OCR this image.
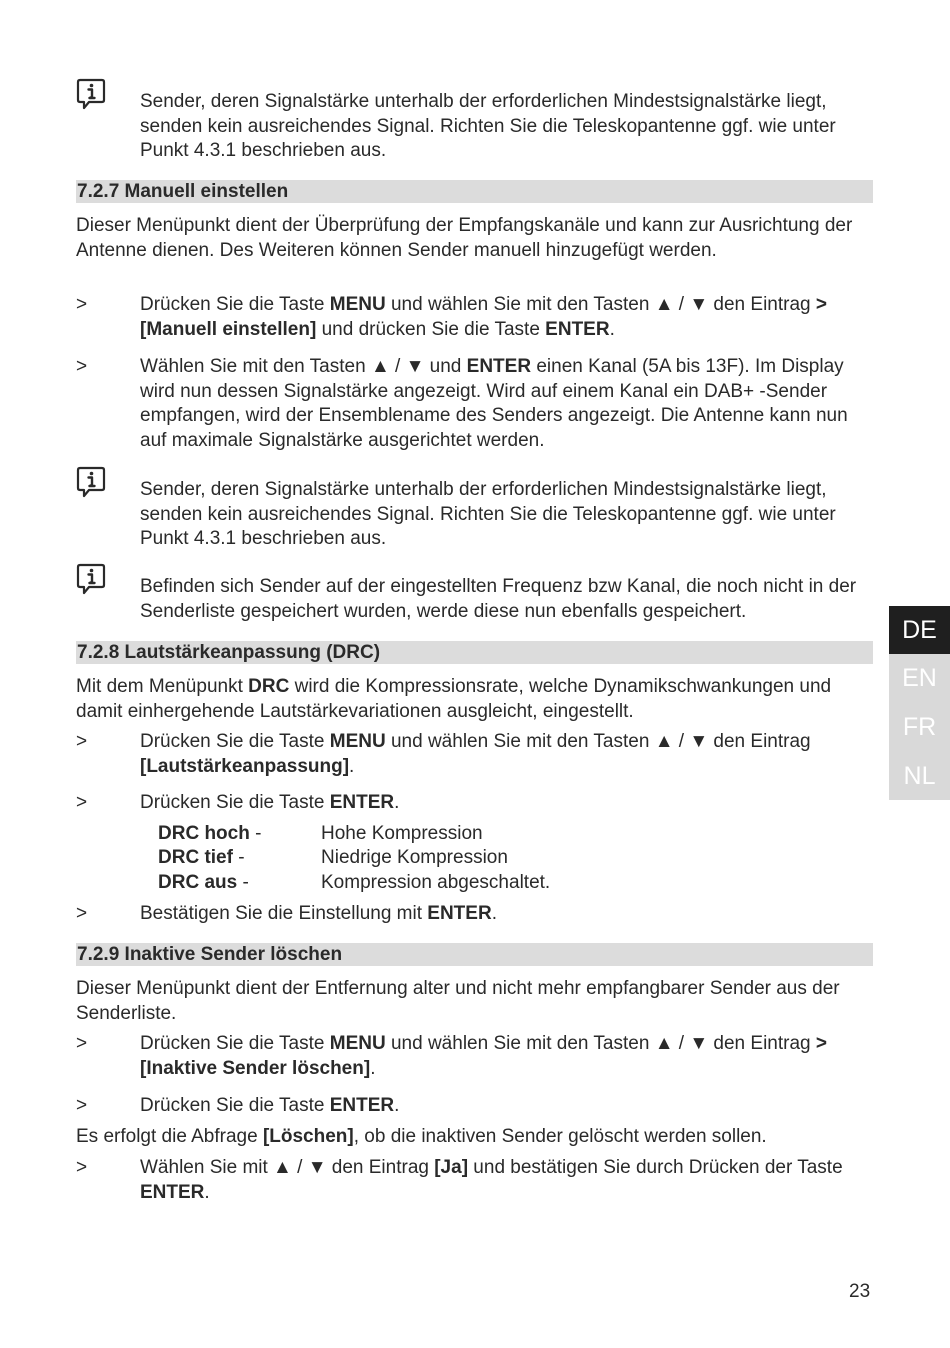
Sender, deren Signalstärke unterhalb der erforderlichen Mindestsignalstärke liegt, senden kein ausreichendes Signal. Richten Sie die Teleskopantenne ggf. wie unter Punkt 4.3.1 beschrieben aus.
7.2.7 Manuell einstellen
Dieser Menüpunkt dient der Überprüfung der Empfangskanäle und kann zur Ausrichtung der Antenne dienen. Des Weiteren können Sender manuell hinzugefügt werden.
>	Drücken Sie die Taste MENU und wählen Sie mit den Tasten ▲ / ▼ den Eintrag > [Manuell einstellen] und drücken Sie die Taste ENTER.
>	Wählen Sie mit den Tasten ▲ / ▼ und ENTER einen Kanal (5A bis 13F). Im Display wird nun dessen Signalstärke angezeigt. Wird auf einem Kanal ein DAB+ -Sender empfangen, wird der Ensemblename des Senders angezeigt. Die Antenne kann nun auf maximale Signalstärke ausgerichtet werden.
Sender, deren Signalstärke unterhalb der erforderlichen Mindestsignalstärke liegt, senden kein ausreichendes Signal. Richten Sie die Teleskopantenne ggf. wie unter Punkt 4.3.1 beschrieben aus.
Befinden sich Sender auf der eingestellten Frequenz bzw Kanal, die noch nicht in der Senderliste gespeichert wurden, werde diese nun ebenfalls gespeichert.
7.2.8 Lautstärkeanpassung (DRC)
Mit dem Menüpunkt DRC wird die Kompressionsrate, welche Dynamikschwankungen und damit einhergehende Lautstärkevariationen ausgleicht, eingestellt.
>	Drücken Sie die Taste MENU und wählen Sie mit den Tasten ▲ / ▼ den Eintrag [Lautstärkeanpassung].
>	Drücken Sie die Taste ENTER.
DRC hoch -	Hohe Kompression
DRC tief -	Niedrige Kompression
DRC aus -	Kompression abgeschaltet.
>	Bestätigen Sie die Einstellung mit ENTER.
7.2.9 Inaktive Sender löschen
Dieser Menüpunkt dient der Entfernung alter und nicht mehr empfangbarer Sender aus der Senderliste.
>	Drücken Sie die Taste MENU und wählen Sie mit den Tasten ▲ / ▼ den Eintrag > [Inaktive Sender löschen].
>	Drücken Sie die Taste ENTER.
Es erfolgt die Abfrage [Löschen], ob die inaktiven Sender gelöscht werden sollen.
>	Wählen Sie mit ▲ / ▼ den Eintrag [Ja] und bestätigen Sie durch Drücken der Taste ENTER.
DE
EN
FR
NL
23
